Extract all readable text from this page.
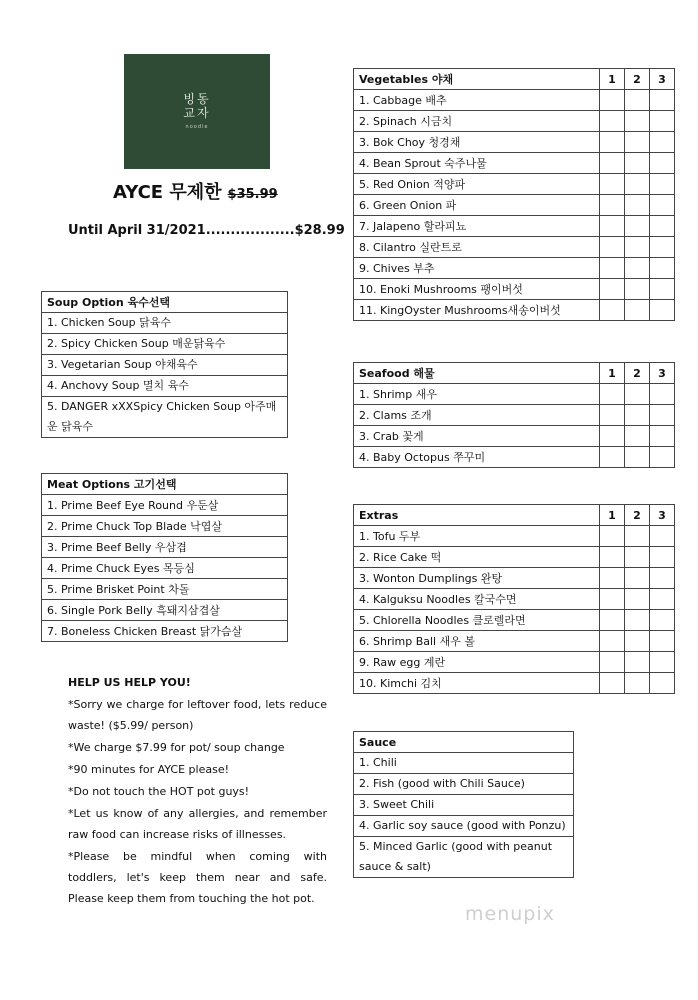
빙동
교자
noodle
AYCE 무제한 $35.99
Until April 31/2021..................$28.99
Soup Option 육수선택
1. Chicken Soup 닭육수
2. Spicy Chicken Soup 매운닭육수
3. Vegetarian Soup 야채육수
4. Anchovy Soup 멸치 육수
5. DANGER xXXSpicy Chicken Soup 아주매운 닭육수
Meat Options 고기선택
1. Prime Beef Eye Round 우둔살
2. Prime Chuck Top Blade 낙엽살
3. Prime Beef Belly 우삼겹
4. Prime Chuck Eyes 목등심
5. Prime Brisket Point 차돌
6. Single Pork Belly 흑돼지삼겹살
7. Boneless Chicken Breast 닭가슴살

HELP US HELP YOU!

*Sorry we charge for leftover food, lets reduce waste! ($5.99/ person)

*We charge $7.99 for pot/ soup change

*90 minutes for AYCE please!

*Do not touch the HOT pot guys!

*Let us know of any allergies, and remember raw food can increase risks of illnesses.

*Please be mindful when coming with toddlers, let's keep them near and safe. Please keep them from touching the hot pot.

Vegetables 야채	1	2	3
1. Cabbage 배추			
2. Spinach 시금치			
3. Bok Choy 청경채			
4. Bean Sprout 숙주나물			
5. Red Onion 적양파			
6. Green Onion 파			
7. Jalapeno 할라피뇨			
8. Cilantro 실란트로			
9. Chives 부추			
10. Enoki Mushrooms 팽이버섯			
11. KingOyster Mushrooms새송이버섯			
Seafood 해물	1	2	3
1. Shrimp 새우			
2. Clams 조개			
3. Crab 꽃게			
4. Baby Octopus 쭈꾸미			
Extras	1	2	3
1. Tofu 두부			
2. Rice Cake 떡			
3. Wonton Dumplings 완탕			
4. Kalguksu Noodles 칼국수면			
5. Chlorella Noodles 클로렐라면			
6. Shrimp Ball 새우 볼			
9. Raw egg 계란			
10. Kimchi 김치			
Sauce
1. Chili
2. Fish (good with Chili Sauce)
3. Sweet Chili
4. Garlic soy sauce (good with Ponzu)
5. Minced Garlic (good with peanut sauce & salt)
menupix
